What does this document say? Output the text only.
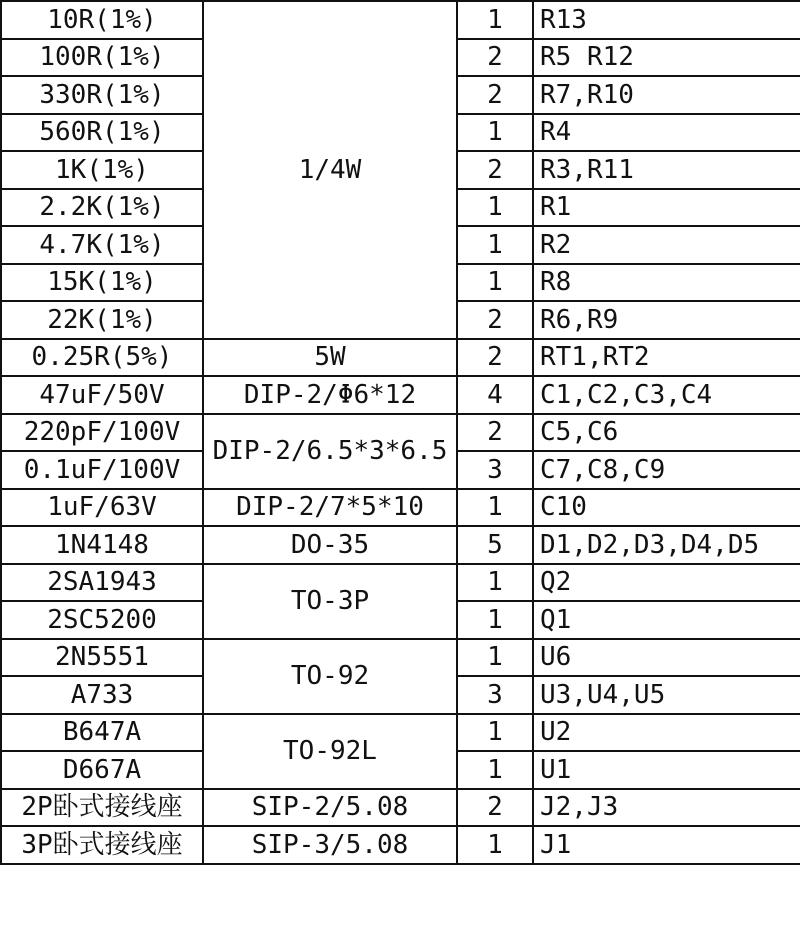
10R(1%)	1/4W	1	R13
100R(1%)		2	R5 R12
330R(1%)		2	R7,R10
560R(1%)		1	R4
1K(1%)		2	R3,R11
2.2K(1%)		1	R1
4.7K(1%)		1	R2
15K(1%)		1	R8
22K(1%)		2	R6,R9
0.25R(5%)	5W	2	RT1,RT2
47uF/50V	DIP-2/Φ6*12	4	C1,C2,C3,C4
220pF/100V	DIP-2/6.5*3*6.5	2	C5,C6
0.1uF/100V		3	C7,C8,C9
1uF/63V	DIP-2/7*5*10	1	C10
1N4148	DO-35	5	D1,D2,D3,D4,D5
2SA1943	TO-3P	1	Q2
2SC5200		1	Q1
2N5551	TO-92	1	U6
A733		3	U3,U4,U5
B647A	TO-92L	1	U2
D667A		1	U1
2P卧式接线座	SIP-2/5.08	2	J2,J3
3P卧式接线座	SIP-3/5.08	1	J1
